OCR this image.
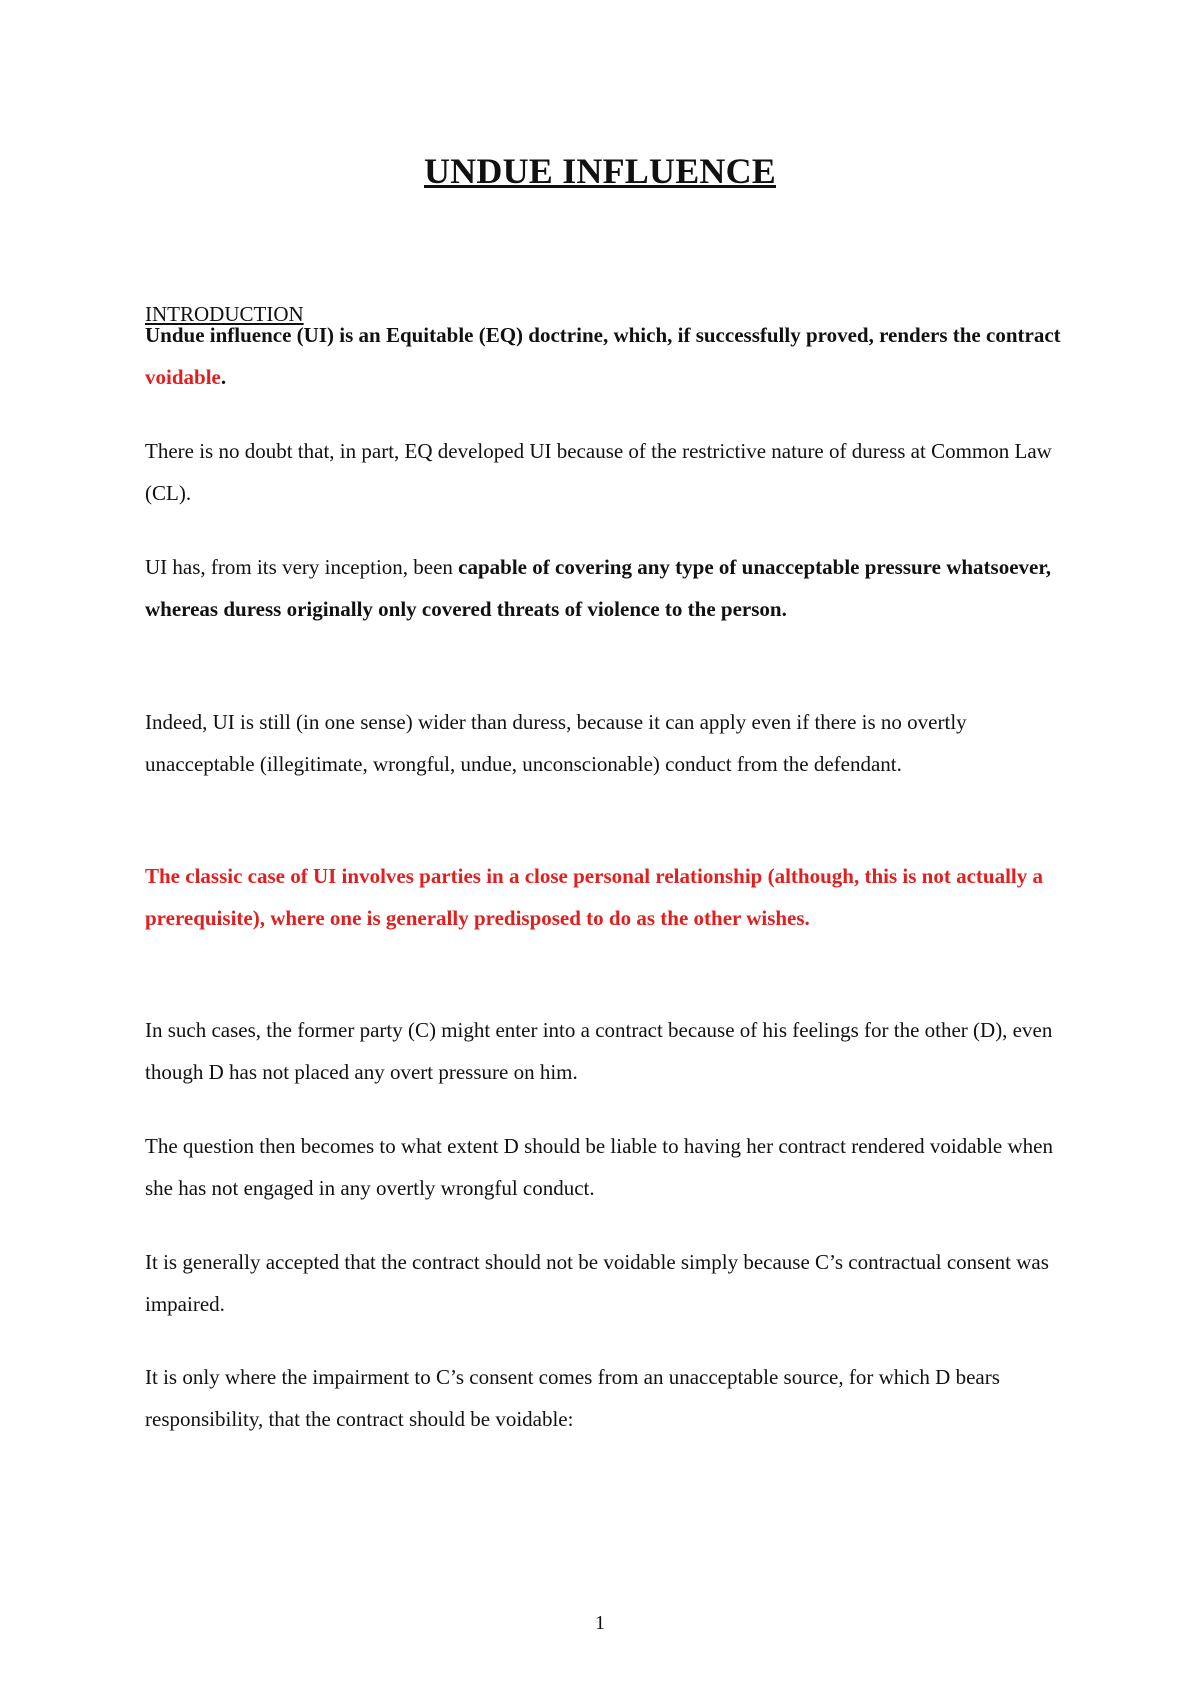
UNDUE INFLUENCE
INTRODUCTION

Undue influence (UI) is an Equitable (EQ) doctrine, which, if successfully proved, renders the contract voidable.

There is no doubt that, in part, EQ developed UI because of the restrictive nature of duress at Common Law (CL).

UI has, from its very inception, been capable of covering any type of unacceptable pressure whatsoever, whereas duress originally only covered threats of violence to the person.

Indeed, UI is still (in one sense) wider than duress, because it can apply even if there is no overtly unacceptable (illegitimate, wrongful, undue, unconscionable) conduct from the defendant.

The classic case of UI involves parties in a close personal relationship (although, this is not actually a prerequisite), where one is generally predisposed to do as the other wishes.

In such cases, the former party (C) might enter into a contract because of his feelings for the other (D), even though D has not placed any overt pressure on him.

The question then becomes to what extent D should be liable to having her contract rendered voidable when she has not engaged in any overtly wrongful conduct.

It is generally accepted that the contract should not be voidable simply because C’s contractual consent was impaired.

It is only where the impairment to C’s consent comes from an unacceptable source, for which D bears responsibility, that the contract should be voidable:

1
